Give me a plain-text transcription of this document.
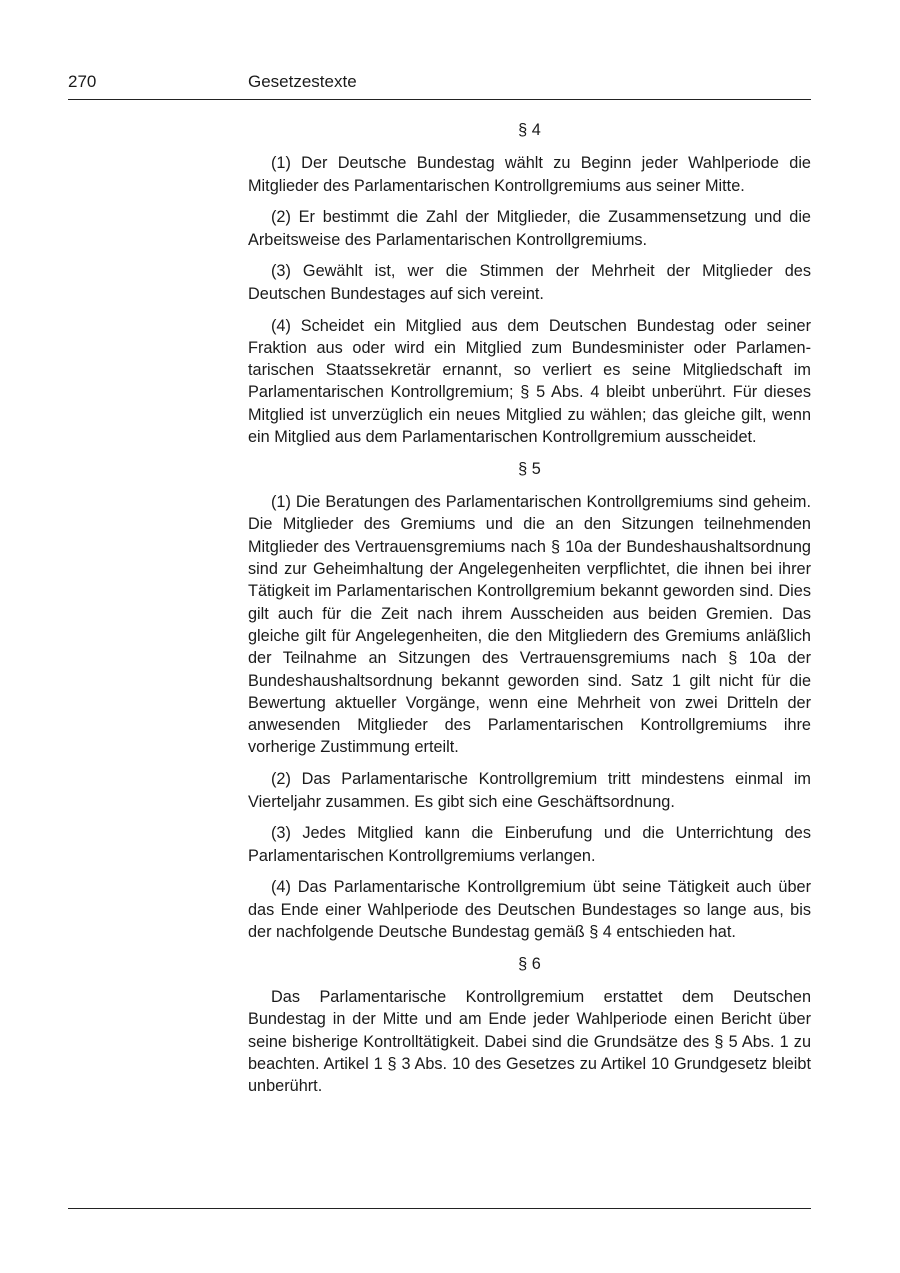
270	Gesetzestexte
§ 4

(1) Der Deutsche Bundestag wählt zu Beginn jeder Wahlperiode die Mitglieder des Parlamentarischen Kontrollgremiums aus seiner Mitte.

(2) Er bestimmt die Zahl der Mitglieder, die Zusammensetzung und die Arbeitsweise des Parlamentarischen Kontrollgremiums.

(3) Gewählt ist, wer die Stimmen der Mehrheit der Mitglieder des Deutschen Bundestages auf sich vereint.

(4) Scheidet ein Mitglied aus dem Deutschen Bundestag oder seiner Fraktion aus oder wird ein Mitglied zum Bundesminister oder Parlamentarischen Staatssekretär ernannt, so verliert es seine Mitgliedschaft im Parlamentarischen Kontrollgremium; § 5 Abs. 4 bleibt unberührt. Für dieses Mitglied ist unverzüglich ein neues Mitglied zu wählen; das gleiche gilt, wenn ein Mitglied aus dem Parlamentarischen Kontrollgremium ausscheidet.

§ 5

(1) Die Beratungen des Parlamentarischen Kontrollgremiums sind geheim. Die Mitglieder des Gremiums und die an den Sitzungen teilnehmenden Mitglieder des Vertrauensgremiums nach § 10a der Bundeshaushaltsordnung sind zur Geheimhaltung der Angelegenheiten verpflichtet, die ihnen bei ihrer Tätigkeit im Parlamentarischen Kontrollgremium bekannt geworden sind. Dies gilt auch für die Zeit nach ihrem Ausscheiden aus beiden Gremien. Das gleiche gilt für Angelegenheiten, die den Mitgliedern des Gremiums anläßlich der Teilnahme an Sitzungen des Vertrauensgremiums nach § 10a der Bundeshaushaltsordnung bekannt geworden sind. Satz 1 gilt nicht für die Bewertung aktueller Vorgänge, wenn eine Mehrheit von zwei Dritteln der anwesenden Mitglieder des Parlamentarischen Kontrollgremiums ihre vorherige Zustimmung erteilt.

(2) Das Parlamentarische Kontrollgremium tritt mindestens einmal im Vierteljahr zusammen. Es gibt sich eine Geschäftsordnung.

(3) Jedes Mitglied kann die Einberufung und die Unterrichtung des Parlamentarischen Kontrollgremiums verlangen.

(4) Das Parlamentarische Kontrollgremium übt seine Tätigkeit auch über das Ende einer Wahlperiode des Deutschen Bundestages so lange aus, bis der nachfolgende Deutsche Bundestag gemäß § 4 entschieden hat.

§ 6

Das Parlamentarische Kontrollgremium erstattet dem Deutschen Bundestag in der Mitte und am Ende jeder Wahlperiode einen Bericht über seine bisherige Kontrolltätigkeit. Dabei sind die Grundsätze des § 5 Abs. 1 zu beachten. Artikel 1 § 3 Abs. 10 des Gesetzes zu Artikel 10 Grundgesetz bleibt unberührt.
